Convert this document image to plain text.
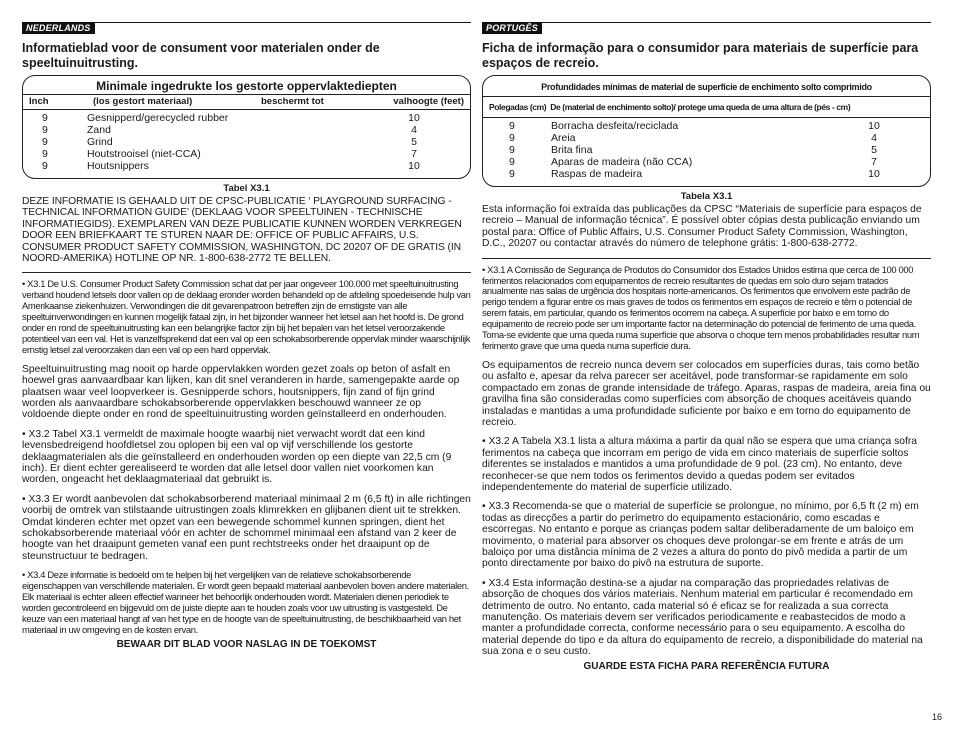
NEDERLANDS
Informatieblad voor de consument voor materialen onder de speeltuinuitrusting.
Minimale ingedrukte los gestorte oppervlaktediepten
Inch	(los gestort materiaal)	beschermt tot	valhoogte (feet)
9	Gesnipperd/gerecycled rubber	10
9	Zand	4
9	Grind	5
9	Houtstrooisel (niet-CCA)	7
9	Houtsnippers	10
Tabel X3.1

DEZE INFORMATIE IS GEHAALD UIT DE CPSC-PUBLICATIE ‘ PLAYGROUND SURFACING - TECHNICAL INFORMATION GUIDE’ (DEKLAAG VOOR SPEELTUINEN - TECHNISCHE INFORMATIEGIDS). EXEMPLAREN VAN DEZE PUBLICATIE KUNNEN WORDEN VERKREGEN DOOR EEN BRIEFKAART TE STUREN NAAR DE: OFFICE OF PUBLIC AFFAIRS, U.S. CONSUMER PRODUCT SAFETY COMMISSION, WASHINGTON, DC 20207 OF DE GRATIS (IN NOORD-AMERIKA) HOTLINE OP NR. 1-800-638-2772 TE BELLEN.

• X3.1 De U.S. Consumer Product Safety Commission schat dat per jaar ongeveer 100.000 met speeltuinuitrusting verband houdend letsels door vallen op de deklaag eronder worden behandeld op de afdeling spoedeisende hulp van Amerikaanse ziekenhuizen. Verwondingen die dit gevarenpatroon betreffen zijn de ernstigste van alle speeltuinverwondingen en kunnen mogelijk fataal zijn, in het bijzonder wanneer het letsel aan het hoofd is. De grond onder en rond de speeltuinuitrusting kan een belangrijke factor zijn bij het bepalen van het letsel veroorzakende potentieel van een val. Het is vanzelfsprekend dat een val op een schokabsorberende oppervlak minder waarschijnlijk ernstig letsel zal veroorzaken dan een val op een hard oppervlak.

Speeltuinuitrusting mag nooit op harde oppervlakken worden gezet zoals op beton of asfalt en hoewel gras aanvaardbaar kan lijken, kan dit snel veranderen in harde, samengepakte aarde op plaatsen waar veel loopverkeer is. Gesnipperde schors, houtsnippers, fijn zand of fijn grind worden als aanvaardbare schokabsorberende oppervlakken beschouwd wanneer ze op voldoende diepte onder en rond de speeltuinuitrusting worden geïnstalleerd en onderhouden.

• X3.2 Tabel X3.1 vermeldt de maximale hoogte waarbij niet verwacht wordt dat een kind levensbedreigend hoofdletsel zou oplopen bij een val op vijf verschillende los gestorte deklaagmaterialen als die geïnstalleerd en onderhouden worden op een diepte van 22,5 cm (9 inch). Er dient echter gerealiseerd te worden dat alle letsel door vallen niet voorkomen kan worden, ongeacht het deklaagmateriaal dat gebruikt is.

• X3.3 Er wordt aanbevolen dat schokabsorberend materiaal minimaal 2 m (6,5 ft) in alle richtingen voorbij de omtrek van stilstaande uitrustingen zoals klimrekken en glijbanen dient uit te strekken. Omdat kinderen echter met opzet van een bewegende schommel kunnen springen, dient het schokabsorberende materiaal vóór en achter de schommel minimaal een afstand van 2 keer de hoogte van het draaipunt gemeten vanaf een punt rechtstreeks onder het draaipunt op de steunstructuur te bedragen.

• X3.4 Deze informatie is bedoeld om te helpen bij het vergelijken van de relatieve schokabsorberende eigenschappen van verschillende materialen. Er wordt geen bepaald materiaal aanbevolen boven andere materialen. Elk materiaal is echter alleen effectief wanneer het behoorlijk onderhouden wordt. Materialen dienen periodiek te worden gecontroleerd en bijgevuld om de juiste diepte aan te houden zoals voor uw uitrusting is vastgesteld. De keuze van een materiaal hangt af van het type en de hoogte van de speeltuinuitrusting, de beschikbaarheid van het materiaal in uw omgeving en de kosten ervan.

BEWAAR DIT BLAD VOOR NASLAG IN DE TOEKOMST
PORTUGÊS
Ficha de informação para o consumidor para materiais de superfície para espaços de recreio.
Profundidades mínimas de material de superfície de enchimento solto comprimido
Polegadas (cm) De (material de enchimento solto)/ protege uma queda de uma altura de (pés - cm)
9	Borracha desfeita/reciclada	10
9	Areia	4
9	Brita fina	5
9	Aparas de madeira (não CCA)	7
9	Raspas de madeira	10
Tabela X3.1

Esta informação foi extraída das publicações da CPSC “Materiais de superfície para espaços de recreio – Manual de informação técnica”. É possível obter cópias desta publicação enviando um postal para: Office of Public Affairs, U.S. Consumer Product Safety Commission, Washington, D.C., 20207 ou contactar através do número de telephone grátis: 1-800-638-2772.

• X3.1 A Comissão de Segurança de Produtos do Consumidor dos Estados Unidos estima que cerca de 100 000 ferimentos relacionados com equipamentos de recreio resultantes de quedas em solo duro sejam tratados anualmente nas salas de urgência dos hospitais norte-americanos. Os ferimentos que envolvem este padrão de perigo tendem a figurar entre os mais graves de todos os ferimentos em espaços de recreio e têm o potencial de serem fatais, em particular, quando os ferimentos ocorrem na cabeça. A superfície por baixo e em torno do equipamento de recreio pode ser um importante factor na determinação do potencial de ferimento de uma queda. Torna-se evidente que uma queda numa superfície que absorva o choque tem menos probabilidades resultar num ferimento grave que uma queda numa superfície dura.

Os equipamentos de recreio nunca devem ser colocados em superfícies duras, tais como betão ou asfalto e, apesar da relva parecer ser aceitável, pode transformar-se rapidamente em solo compactado em zonas de grande intensidade de tráfego. Aparas, raspas de madeira, areia fina ou gravilha fina são consideradas como superfícies com absorção de choques aceitáveis quando instaladas e mantidas a uma profundidade suficiente por baixo e em torno do equipamento de recreio.

• X3.2 A Tabela X3.1 lista a altura máxima a partir da qual não se espera que uma criança sofra ferimentos na cabeça que incorram em perigo de vida em cinco materiais de superfície soltos diferentes se instalados e mantidos a uma profundidade de 9 pol. (23 cm). No entanto, deve reconhecer-se que nem todos os ferimentos devido a quedas podem ser evitados independentemente do material de superfície utilizado.

• X3.3 Recomenda-se que o material de superfície se prolongue, no mínimo, por 6,5 ft (2 m) em todas as direcções a partir do perímetro do equipamento estacionário, como escadas e escorregas. No entanto e porque as crianças podem saltar deliberadamente de um baloiço em movimento, o material para absorver os choques deve prolongar-se em frente e atrás de um baloiço por uma distância mínima de 2 vezes a altura do ponto do pivô medida a partir de um ponto directamente por baixo do pivô na estrutura de suporte.

• X3.4 Esta informação destina-se a ajudar na comparação das propriedades relativas de absorção de choques dos vários materiais. Nenhum material em particular é recomendado em detrimento de outro. No entanto, cada material só é eficaz se for realizada a sua correcta manutenção. Os materiais devem ser verificados periodicamente e reabastecidos de modo a manter a profundidade correcta, conforme necessário para o seu equipamento. A escolha do material depende do tipo e da altura do equipamento de recreio, a disponibilidade do material na sua zona e o seu custo.

GUARDE ESTA FICHA PARA REFERÊNCIA FUTURA
16
